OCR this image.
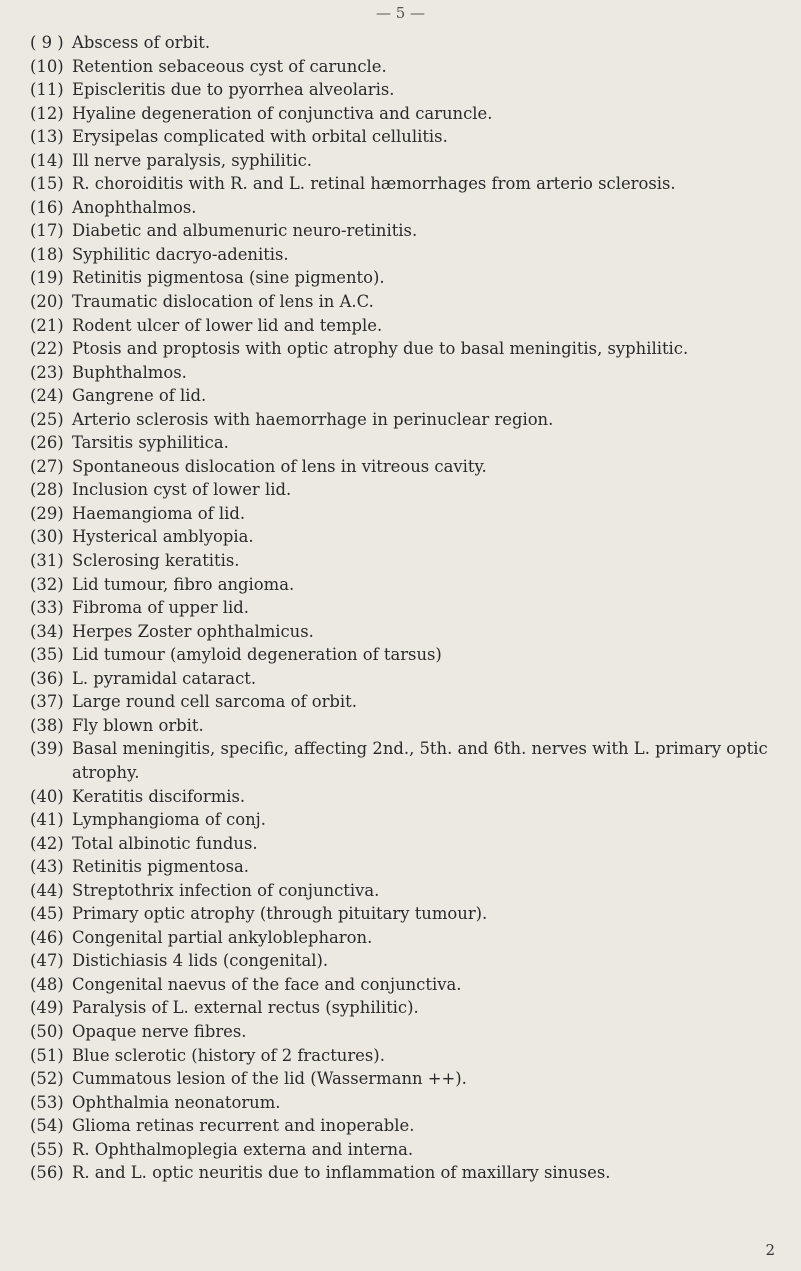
— 5 —
( 9 ) Abscess of orbit.
(10) Retention sebaceous cyst of caruncle.
(11) Episcleritis due to pyorrhea alveolaris.
(12) Hyaline degeneration of conjunctiva and caruncle.
(13) Erysipelas complicated with orbital cellulitis.
(14) Ill nerve paralysis, syphilitic.
(15) R. choroiditis with R. and L. retinal hæmorrhages from arterio sclerosis.
(16) Anophthalmos.
(17) Diabetic and albumenuric neuro-retinitis.
(18) Syphilitic dacryo-adenitis.
(19) Retinitis pigmentosa (sine pigmento).
(20) Traumatic dislocation of lens in A.C.
(21) Rodent ulcer of lower lid and temple.
(22) Ptosis and proptosis with optic atrophy due to basal meningitis, syphilitic.
(23) Buphthalmos.
(24) Gangrene of lid.
(25) Arterio sclerosis with haemorrhage in perinuclear region.
(26) Tarsitis syphilitica.
(27) Spontaneous dislocation of lens in vitreous cavity.
(28) Inclusion cyst of lower lid.
(29) Haemangioma of lid.
(30) Hysterical amblyopia.
(31) Sclerosing keratitis.
(32) Lid tumour, fibro angioma.
(33) Fibroma of upper lid.
(34) Herpes Zoster ophthalmicus.
(35) Lid tumour (amyloid degeneration of tarsus)
(36) L. pyramidal cataract.
(37) Large round cell sarcoma of orbit.
(38) Fly blown orbit.
(39) Basal meningitis, specific, affecting 2nd., 5th. and 6th. nerves with L. primary optic atrophy.
(40) Keratitis disciformis.
(41) Lymphangioma of conj.
(42) Total albinotic fundus.
(43) Retinitis pigmentosa.
(44) Streptothrix infection of conjunctiva.
(45) Primary optic atrophy (through pituitary tumour).
(46) Congenital partial ankyloblepharon.
(47) Distichiasis 4 lids (congenital).
(48) Congenital naevus of the face and conjunctiva.
(49) Paralysis of L. external rectus (syphilitic).
(50) Opaque nerve fibres.
(51) Blue sclerotic (history of 2 fractures).
(52) Cummatous lesion of the lid (Wassermann ++).
(53) Ophthalmia neonatorum.
(54) Glioma retinas recurrent and inoperable.
(55) R. Ophthalmoplegia externa and interna.
(56) R. and L. optic neuritis due to inflammation of maxillary sinuses.
2
